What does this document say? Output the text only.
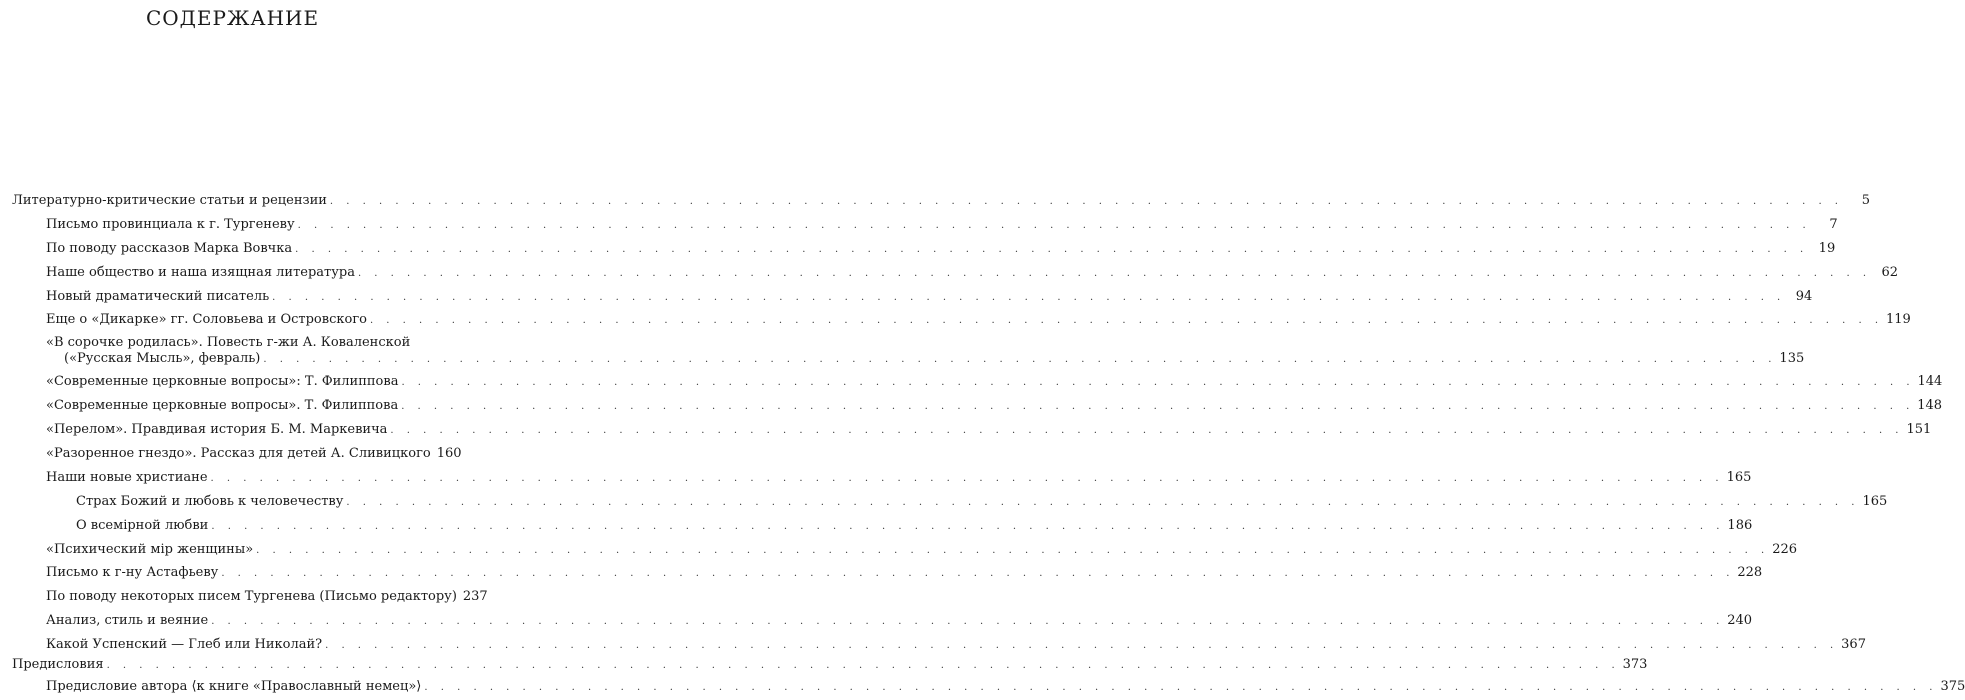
СОДЕРЖАНИЕ
Литературно-критические статьи и рецензии . . .	5
Письмо провинциала к г. Тургеневу . . .	7
По поводу рассказов Марка Вовчка . . .	19
Наше общество и наша изящная литература . . .	62
Новый драматический писатель . . .	94
Еще о «Дикарке» гг. Соловьева и Островского . . .	119
«В сорочке родилась». Повесть г-жи А. Коваленской
(«Русская Мысль», февраль) . . .	135
«Современные церковные вопросы»: Т. Филиппова . . .	144
«Современные церковные вопросы». Т. Филиппова . . .	148
«Перелом». Правдивая история Б. М. Маркевича . . .	151
«Разоренное гнездо». Рассказ для детей А. Сливицкого 160
Наши новые христиане . . .	165
Страх Божий и любовь к человечеству . . .	165
О всемiрной любви . . .	186
«Психический мiр женщины» . . .	226
Письмо к г-ну Астафьеву . . .	228
По поводу некоторых писем Тургенева (Письмо редактору) 237
Анализ, стиль и веяние . . .	240
Какой Успенский — Глеб или Николай? . . .	367
Предисловия . . .	373
Предисловие автора ⟨к книге «Православный немец»⟩ . . .	375
